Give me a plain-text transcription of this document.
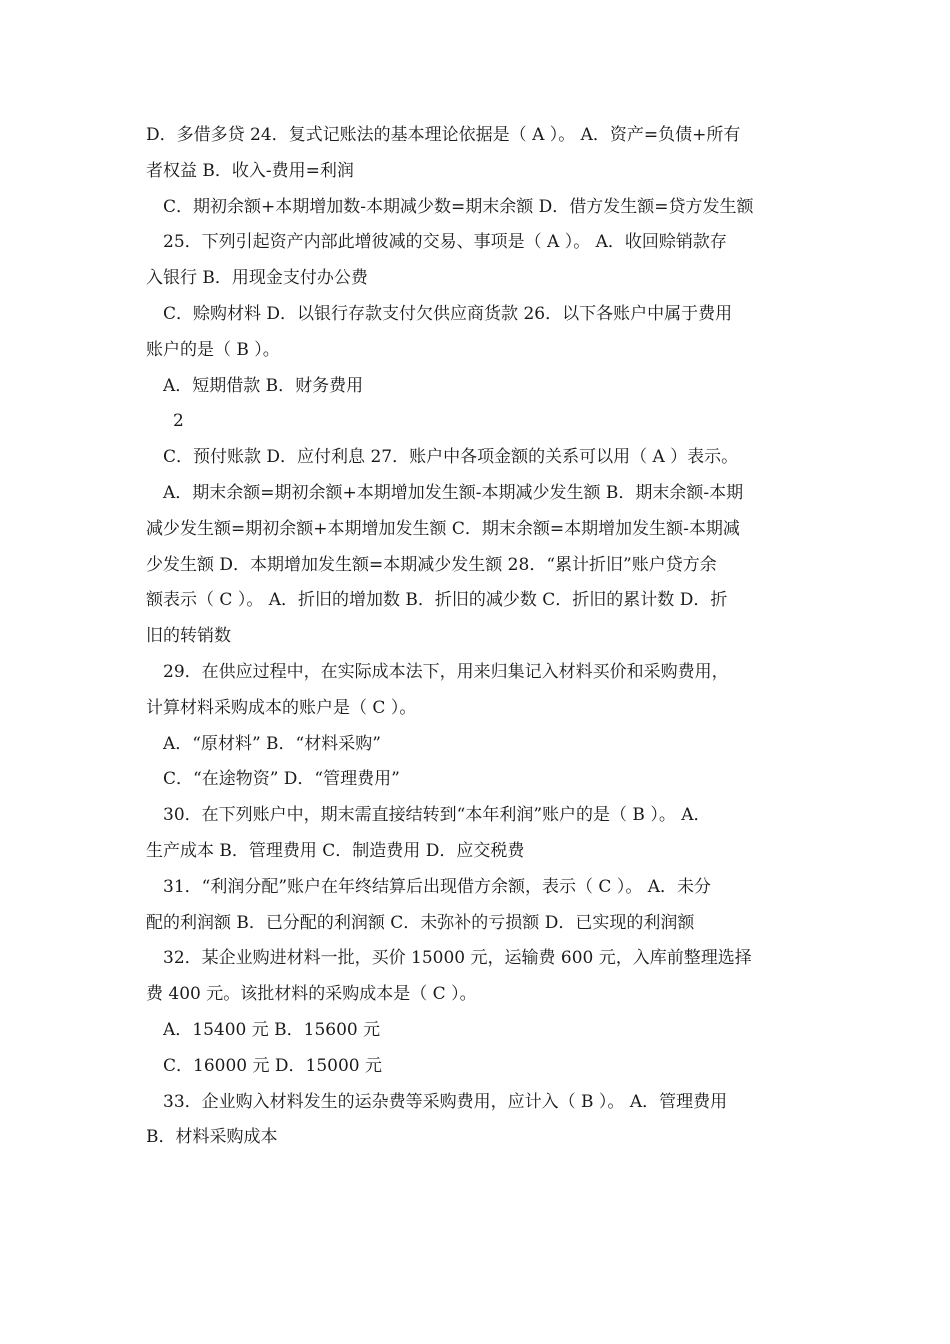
D．多借多贷 24．复式记账法的基本理论依据是（ A ）。 A．资产=负债+所有
者权益 B．收入-费用=利润
C．期初余额+本期增加数-本期减少数=期末余额 D．借方发生额=贷方发生额
25．下列引起资产内部此增彼减的交易、事项是（ A ）。 A．收回赊销款存
入银行 B．用现金支付办公费
C．赊购材料 D．以银行存款支付欠供应商货款 26．以下各账户中属于费用
账户的是（ B ）。
A．短期借款 B．财务费用
2
C．预付账款 D．应付利息 27．账户中各项金额的关系可以用（ A ）表示。
A．期末余额=期初余额+本期增加发生额-本期减少发生额 B．期末余额-本期
减少发生额=期初余额+本期增加发生额 C．期末余额=本期增加发生额-本期减
少发生额 D．本期增加发生额=本期减少发生额 28．“累计折旧”账户贷方余
额表示（ C ）。 A．折旧的增加数 B．折旧的减少数 C．折旧的累计数 D．折
旧的转销数
29．在供应过程中，在实际成本法下，用来归集记入材料买价和采购费用，
计算材料采购成本的账户是（ C ）。
A．“原材料” B．“材料采购”
C．“在途物资” D．“管理费用”
30．在下列账户中，期末需直接结转到“本年利润”账户的是（ B ）。 A．
生产成本 B．管理费用 C．制造费用 D．应交税费
31．“利润分配”账户在年终结算后出现借方余额，表示（ C ）。 A．未分
配的利润额 B．已分配的利润额 C．未弥补的亏损额 D．已实现的利润额
32．某企业购进材料一批，买价 15000 元，运输费 600 元，入库前整理选择
费 400 元。该批材料的采购成本是（ C ）。
A．15400 元 B．15600 元
C．16000 元 D．15000 元
33．企业购入材料发生的运杂费等采购费用，应计入（ B ）。 A．管理费用
B．材料采购成本
